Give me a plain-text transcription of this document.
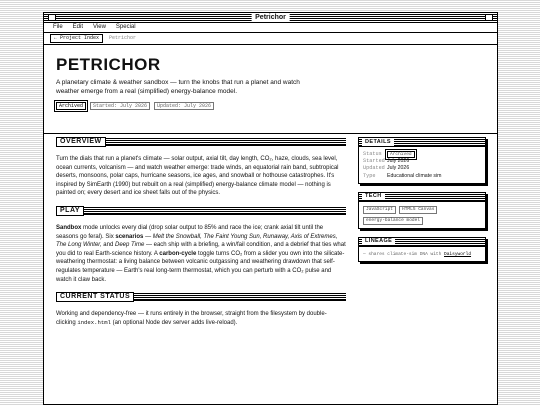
Petrichor
File Edit View Special
← Project Index	Petrichor
PETRICHOR

A planetary climate & weather sandbox — turn the knobs that run a planet and watch weather emerge from a real (simplified) energy-balance model.

Archived	Started: July 2026	Updated: July 2026
OVERVIEW
Turn the dials that run a planet's climate — solar output, axial tilt, day length, CO₂, haze, clouds, sea level, ocean currents, volcanism — and watch weather emerge: trade winds, an equatorial rain band, subtropical deserts, monsoons, polar caps, hurricane seasons, ice ages, and snowball or hothouse catastrophes. It's inspired by SimEarth (1990) but rebuilt on a real (simplified) energy-balance climate model — nothing is painted on; every desert and ice sheet falls out of the physics.
PLAY
Sandbox mode unlocks every dial (drop solar output to 85% and race the ice; crank axial tilt until the seasons go feral). Six scenarios — Melt the Snowball, The Faint Young Sun, Runaway, Axis of Extremes, The Long Winter, and Deep Time — each ship with a briefing, a win/fail condition, and a debrief that ties what you did to real Earth-science history. A carbon-cycle toggle turns CO₂ from a slider you own into the silicate-weathering thermostat: a living balance between volcanic outgassing and weathering drawdown that self-regulates temperature — Earth's real long-term thermostat, which you can perturb with a CO₂ pulse and watch it claw back.
CURRENT STATUS
Working and dependency-free — it runs entirely in the browser, straight from the filesystem by double-clicking index.html (an optional Node dev server adds live-reload).
DETAILS
Status	Archived
Started July 2026
Updated July 2026
Type	Educational climate sim
TECH
JavaScript	HTML5 Canvas
energy-balance model
LINEAGE
— shares climate-sim DNA with Daisyworld
